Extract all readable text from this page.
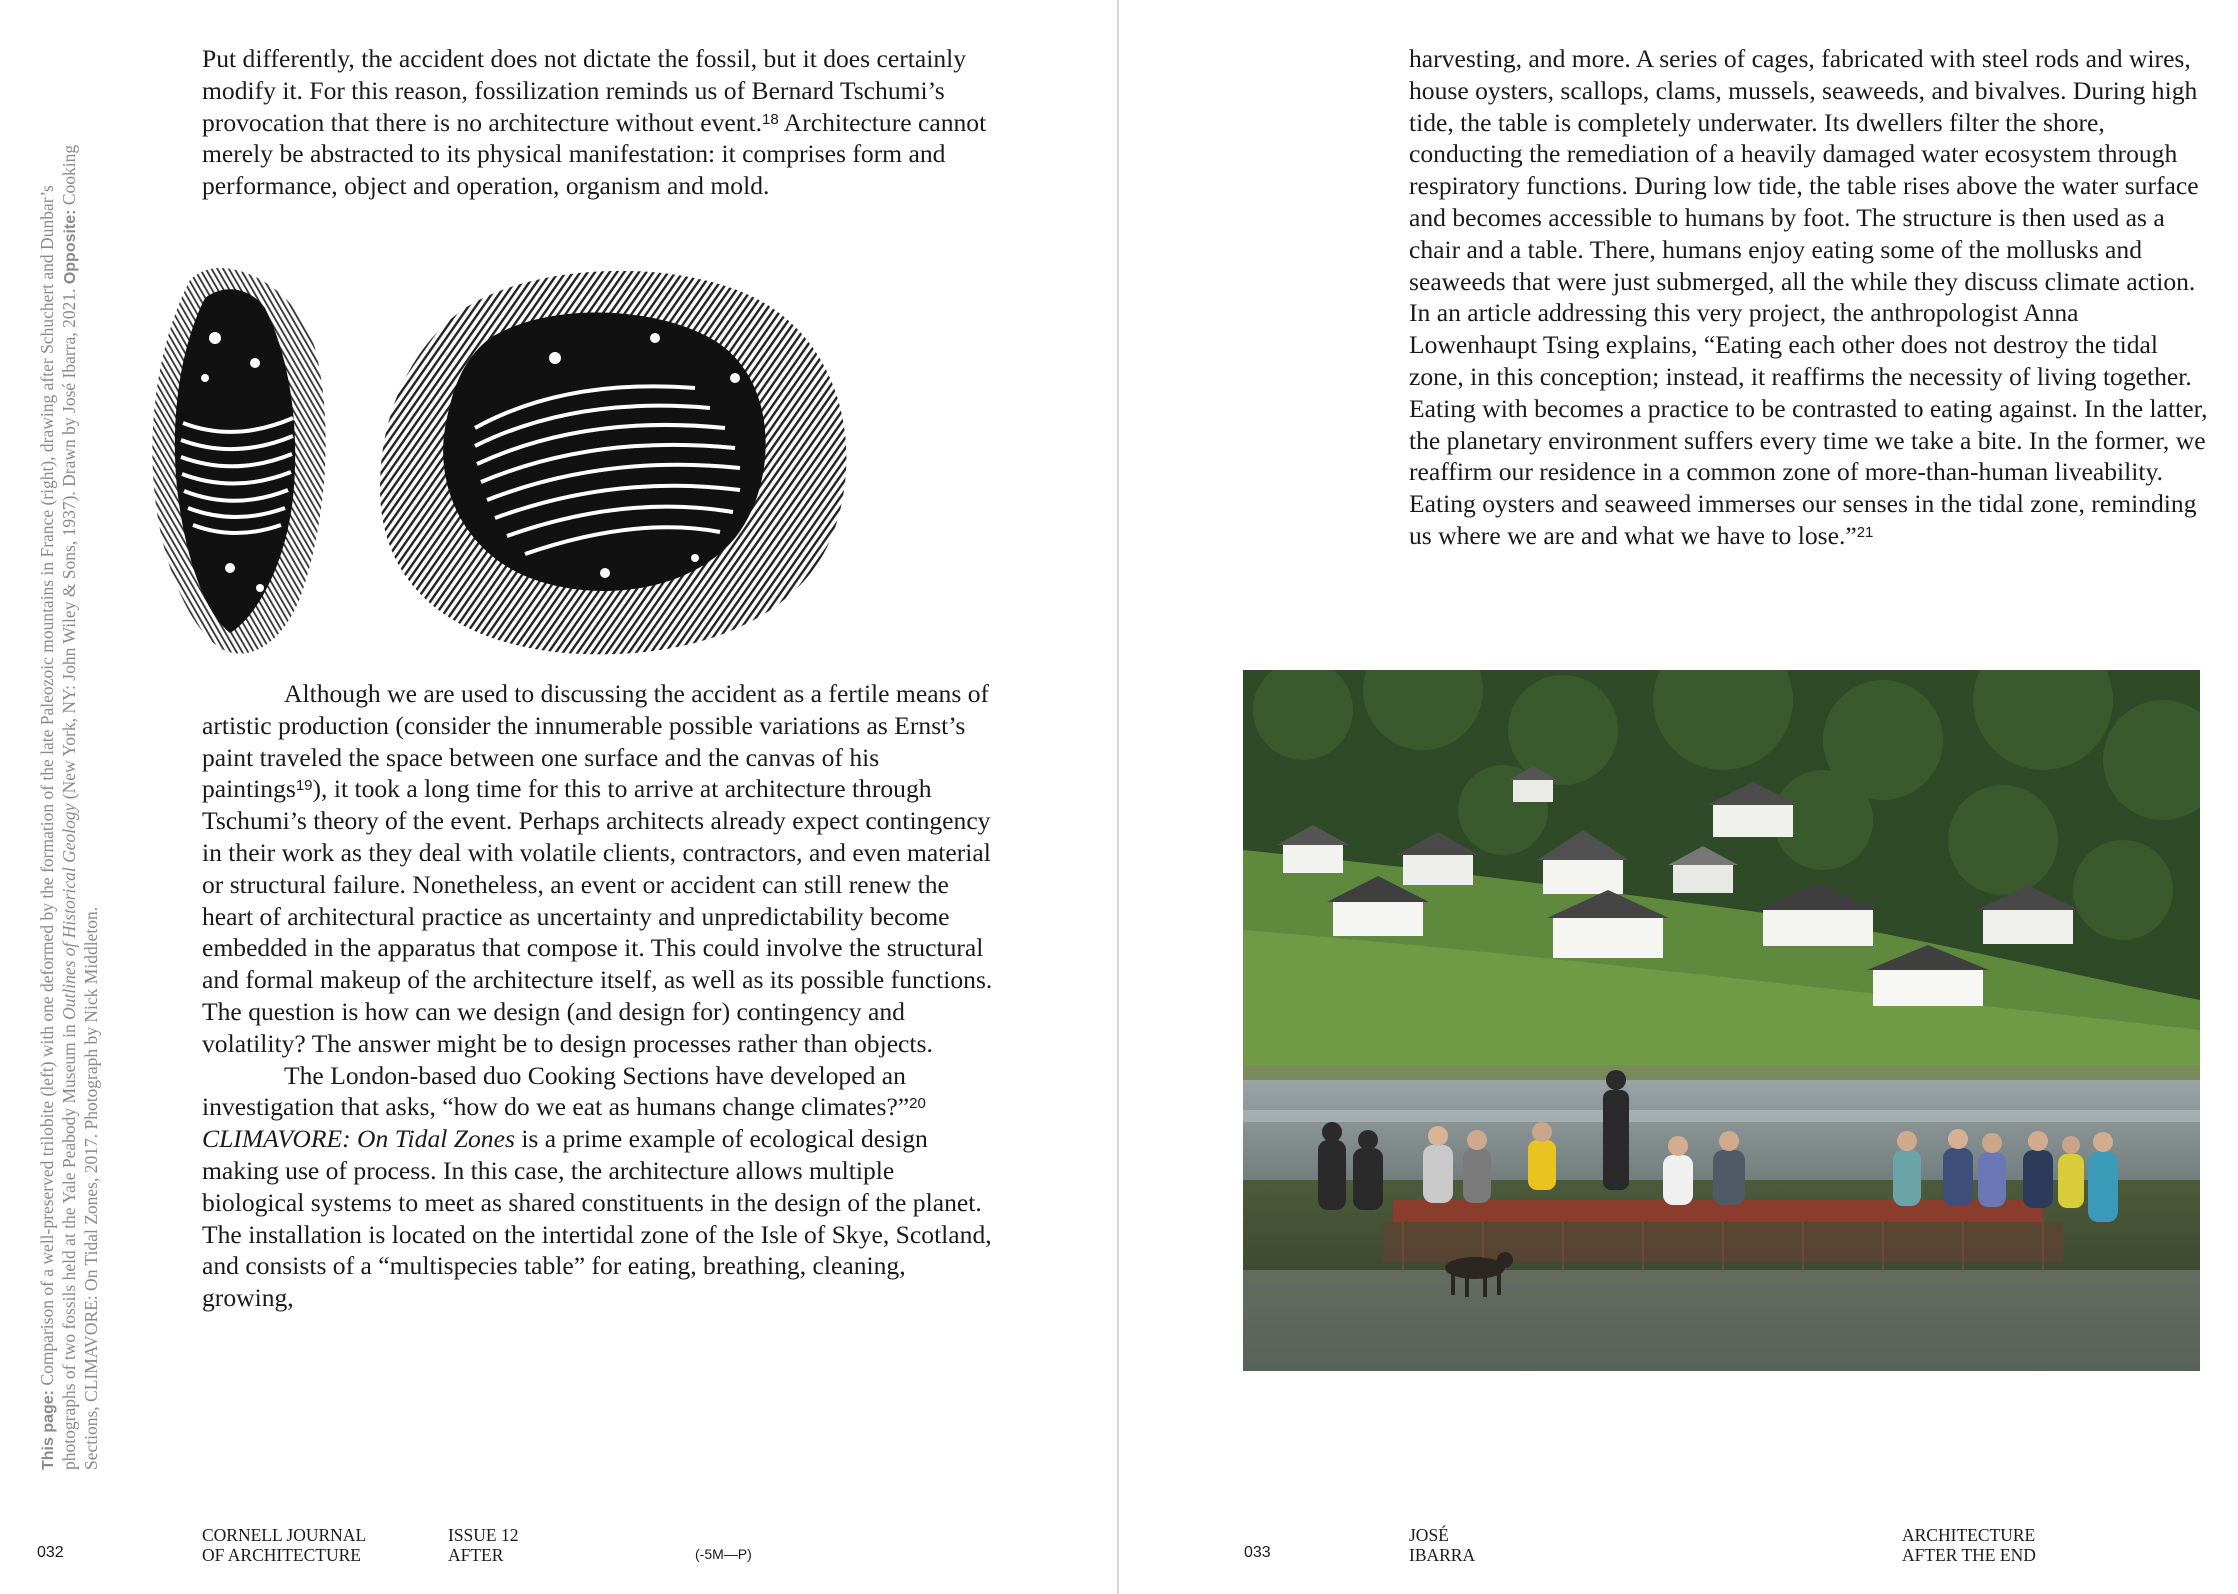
Put differently, the accident does not dictate the fossil, but it does certainly modify it. For this reason, fossilization reminds us of Bernard Tschumi’s provocation that there is no architecture without event.$^{18}$ Architecture cannot merely be abstracted to its physical manifestation: it comprises form and performance, object and operation, organism and mold.

Although we are used to discussing the accident as a fertile means of artistic production (consider the innumerable possible variations as Ernst’s paint traveled the space between one surface and the canvas of his paintings$^{19}$), it took a long time for this to arrive at architecture through Tschumi’s theory of the event. Perhaps architects already expect contingency in their work as they deal with volatile clients, contractors, and even material or structural failure. Nonetheless, an event or accident can still renew the heart of architectural practice as uncertainty and unpredictability become embedded in the apparatus that compose it. This could involve the structural and formal makeup of the architecture itself, as well as its possible functions. The question is how can we design (and design for) contingency and volatility? The answer might be to design processes rather than objects.

The London-based duo Cooking Sections have developed an investigation that asks, “how do we eat as humans change climates?”$^{20}$ CLIMAVORE: On Tidal Zones is a prime example of ecological design making use of process. In this case, the architecture allows multiple biological systems to meet as shared constituents in the design of the planet. The installation is located on the intertidal zone of the Isle of Skye, Scotland, and consists of a “multispecies table” for eating, breathing, cleaning, growing,

This page: Comparison of a well-preserved trilobite (left) with one deformed by the formation of the late Paleozoic mountains in France (right), drawing after Schuchert and Dunbar’s photographs of two fossils held at the Yale Peabody Museum in Outlines of Historical Geology (New York, NY: John Wiley & Sons, 1937). Drawn by José Ibarra, 2021. Opposite: Cooking Sections, CLIMAVORE: On Tidal Zones, 2017. Photograph by Nick Middleton.
032
CORNELL JOURNAL
OF ARCHITECTURE
ISSUE 12
AFTER	(-5M—P)

harvesting, and more. A series of cages, fabricated with steel rods and wires, house oysters, scallops, clams, mussels, seaweeds, and bivalves. During high tide, the table is completely underwater. Its dwellers filter the shore, conducting the remediation of a heavily damaged water ecosystem through respiratory functions. During low tide, the table rises above the water surface and becomes accessible to humans by foot. The structure is then used as a chair and a table. There, humans enjoy eating some of the mollusks and seaweeds that were just submerged, all the while they discuss climate action. In an article addressing this very project, the anthropologist Anna Lowenhaupt Tsing explains, “Eating each other does not destroy the tidal zone, in this conception; instead, it reaffirms the necessity of living together. Eating with becomes a practice to be contrasted to eating against. In the latter, the planetary environment suffers every time we take a bite. In the former, we reaffirm our residence in a common zone of more-than-human liveability. Eating oysters and seaweed immerses our senses in the tidal zone, reminding us where we are and what we have to lose.”$^{21}$

033
JOSÉ
IBARRA
ARCHITECTURE
AFTER THE END
